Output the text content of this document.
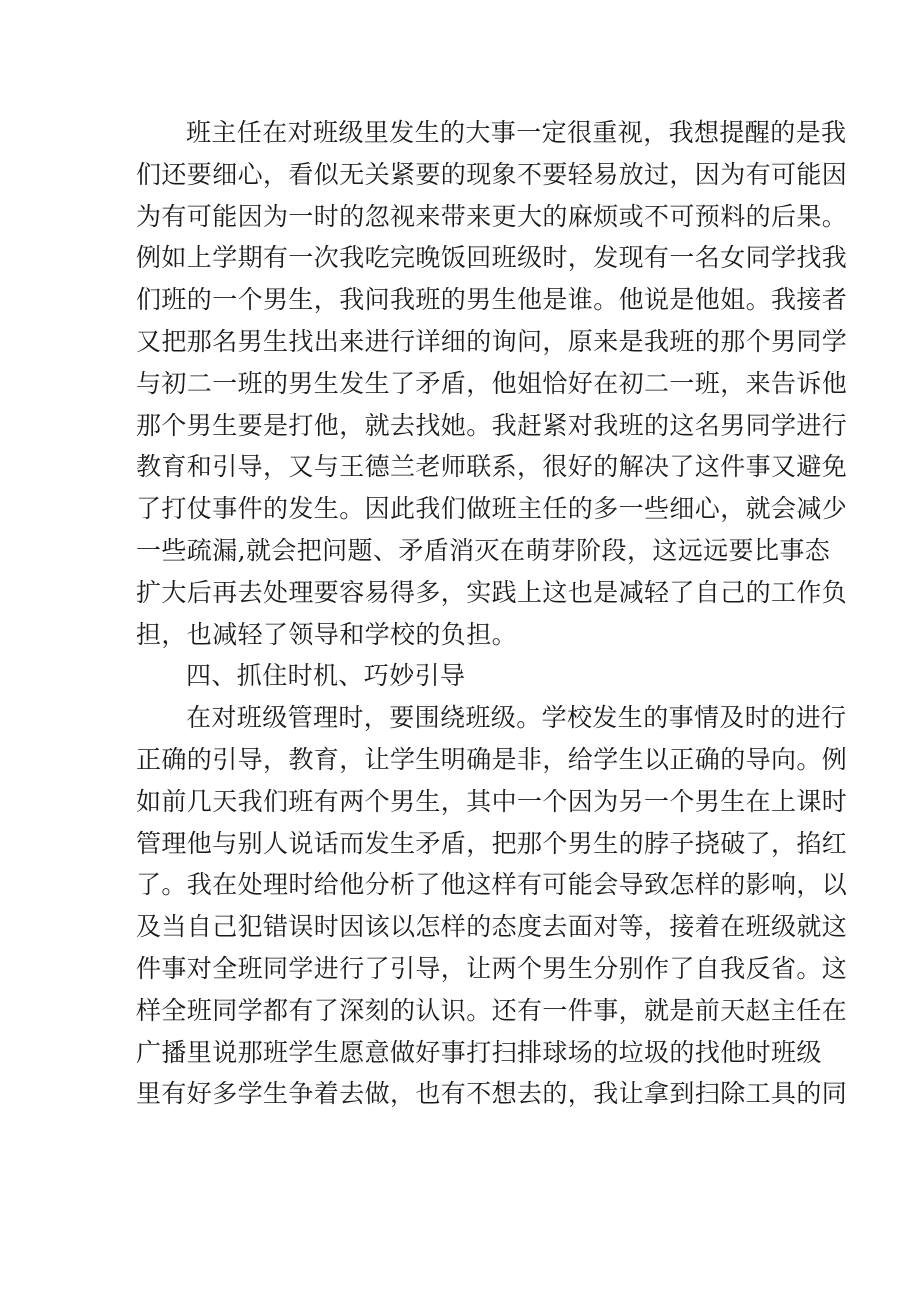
班主任在对班级里发生的大事一定很重视，我想提醒的是我
们还要细心，看似无关紧要的现象不要轻易放过，因为有可能因
为有可能因为一时的忽视来带来更大的麻烦或不可预料的后果。
例如上学期有一次我吃完晚饭回班级时，发现有一名女同学找我
们班的一个男生，我问我班的男生他是谁。他说是他姐。我接者
又把那名男生找出来进行详细的询问，原来是我班的那个男同学
与初二一班的男生发生了矛盾，他姐恰好在初二一班，来告诉他
那个男生要是打他，就去找她。我赶紧对我班的这名男同学进行
教育和引导，又与王德兰老师联系，很好的解决了这件事又避免
了打仗事件的发生。因此我们做班主任的多一些细心，就会减少
一些疏漏,就会把问题、矛盾消灭在萌芽阶段，这远远要比事态
扩大后再去处理要容易得多，实践上这也是减轻了自己的工作负
担，也减轻了领导和学校的负担。
四、抓住时机、巧妙引导
在对班级管理时，要围绕班级。学校发生的事情及时的进行
正确的引导，教育，让学生明确是非，给学生以正确的导向。例
如前几天我们班有两个男生，其中一个因为另一个男生在上课时
管理他与别人说话而发生矛盾，把那个男生的脖子挠破了，掐红
了。我在处理时给他分析了他这样有可能会导致怎样的影响，以
及当自己犯错误时因该以怎样的态度去面对等，接着在班级就这
件事对全班同学进行了引导，让两个男生分别作了自我反省。这
样全班同学都有了深刻的认识。还有一件事，就是前天赵主任在
广播里说那班学生愿意做好事打扫排球场的垃圾的找他时班级
里有好多学生争着去做，也有不想去的，我让拿到扫除工具的同
